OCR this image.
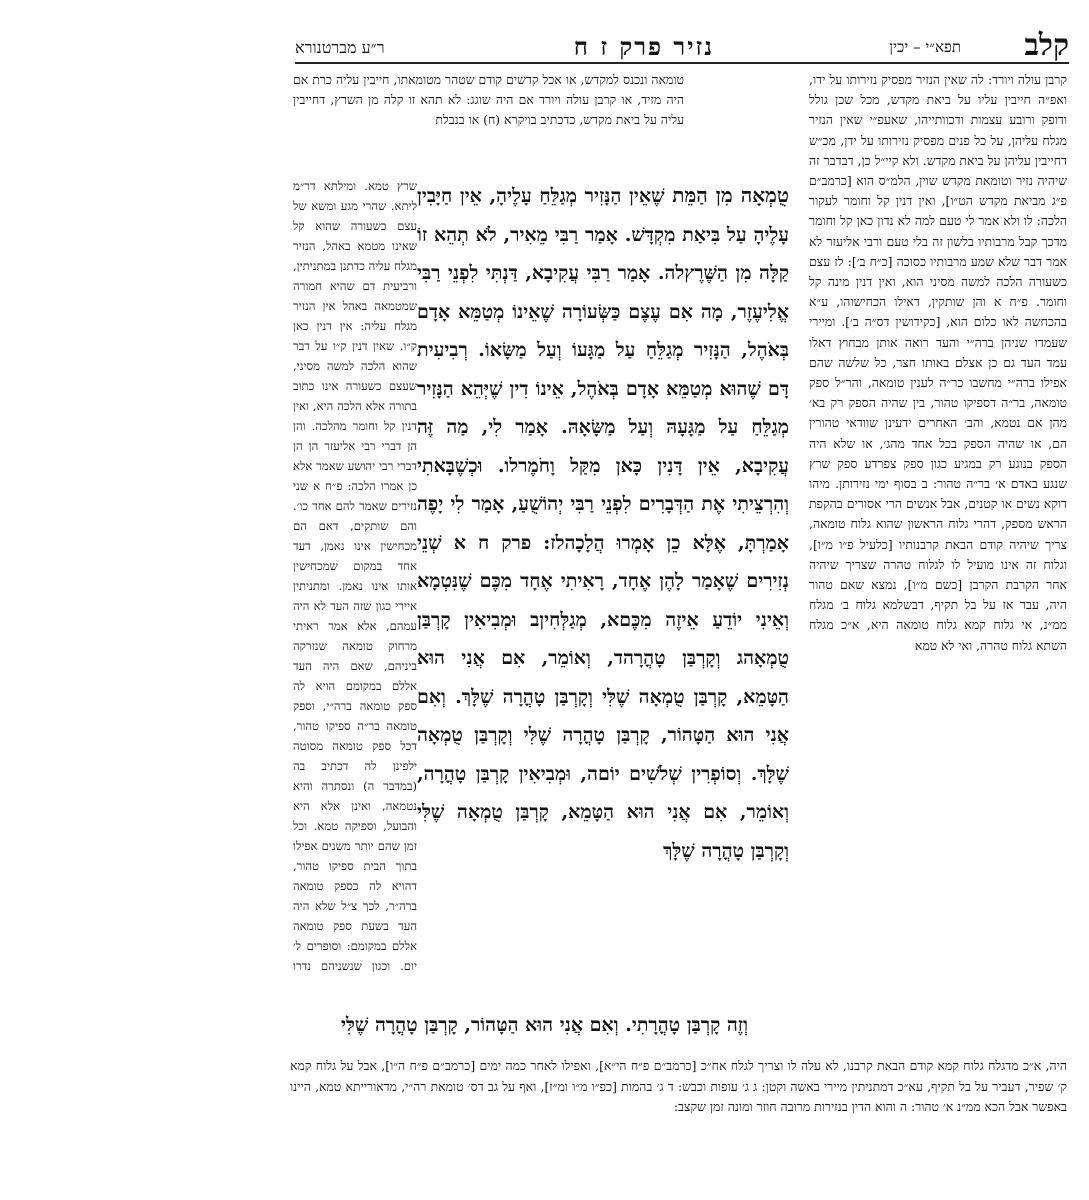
קלב
תפא״י – יכין
נזיר פרק ז ח
ר״ע מברטנורא
קרבן עולה ויורד: לה שאין הנזיר מפסיק נזירותו על ידו, ואפ״ה חייבין עליו על ביאת מקדש, מכל שכן גולל ודופק ורובע עצמות ודכוותייהו, שאעפ״י שאין הנזיר מגלח עליהן, על כל פנים מפסיק נזירותו על ידן, מכ״ש דחייבין עליהן על ביאת מקדש. ולא קיי״ל כן, דבדבר זה שיהיה נזיר וטומאת מקדש שוין, הלמ״ס הוא [כרמב״ם פ״ג מביאת מקדש הט״ו], ואין דנין קל וחומר לעקור הלכה: לו ולא אמר לי טעם למה לא נדון כאן קל וחומר מדכך קבל מרבותיו בלשון זה בלי טעם ורבי אליעזר לא אמר דבר שלא שמע מרבותיו כסוכה [כ״ח ב׳]: לז עצם כשעורה הלכה למשה מסיני הוא, ואין דנין מינה קל וחומר. פ״ח א והן שותקין, דאילו הכחישוהו, ע״א בהכחשה לאו כלום הוא, [כקידושין דס״ה ב׳]. ומיירי שעמדו שניהן ברה״י והעד רואה אותן מבחוץ דאלו עמד העד גם כן אצלם באותו חצר, כל שלשה שהם אפילו ברה״י מחשבו כר״ה לענין טומאה, והר״ל ספק טומאה, בר״ה דספיקו טהור, בין שהיה הספק רק בא׳ מהן אם נטמא, והב׳ האחרים ידעינן שוודאי טהורין הם, או שהיה הספק בכל אחד מהג׳, או שלא היה הספק בנוגע רק במגיע כגון ספק צפרדע ספק שרץ שנגע באדם א׳ בר״ה טהור: ב בסוף ימי נזירותן. מיהו דוקא נשים או קטנים, אבל אנשים הרי אסורים בהקפת הראש מספק, דהרי גלוח הראשון שהוא גלוח טומאה, צריך שיהיה קודם הבאת קרבנותיו [כלעיל פ״ו מ״ו], וגלוח זה אינו מועיל לו לגלוח טהרה שצריך שיהיה אחר הקרבת הקרבן [כשם מ״ו], נמצא שאם טהור היה, עבר אז על בל תקיף, דבשלמא גלוח ב׳ מגלח ממ״נ, אי גלוח קמא גלוח טומאה היא, א״כ מגלח השתא גלוח טהרה, ואי לא טמא
טומאה ונכנס למקדש, או אכל קדשים קודם שטהר מטומאתו, חייבין עליה כרת אם היה מזיד, או קרבן עולה ויורד אם היה שוגג: לא תהא זו קלה מן השרץ, דחייבין עליה על ביאת מקדש, כדכתיב בויקרא (ח) או בנבלת
טֻמְאָה מִן הַמֵּת שֶׁאֵין הַנָּזִיר מְגַלֵּחַ עָלֶיהָ, אֵין חַיָּבִין עָלֶיהָ עַל בִּיאַת מִקְדָּשׁ. אָמַר רַבִּי מֵאִיר, לֹא תְהֵא זוֹ קַלָּה מִן הַשֶּׁרֶץלה. אָמַר רַבִּי עֲקִיבָא, דַּנְתִּי לִפְנֵי רַבִּי אֱלִיעֶזֶר, מָה אִם עֶצֶם כַּשְּׂעוֹרָה שֶׁאֵינוֹ מְטַמֵּא אָדָם בְּאֹהֶל, הַנָּזִיר מְגַלֵּחַ עַל מַגָּעוֹ וְעַל מַשָּׂאוֹ. רְבִיעִית דָּם שֶׁהוּא מְטַמֵּא אָדָם בְּאֹהֶל, אֵינוֹ דִין שֶׁיְּהֵא הַנָּזִיר מְגַלֵּחַ עַל מַגָּעָהּ וְעַל מַשָּׂאָהּ. אָמַר לִי, מַה זֶּה עֲקִיבָא, אֵין דָּנִין כָּאן מִקַּל וָחֹמֶרלו. וּכְשֶׁבָּאתִי וְהִרְצֵיתִי אֶת הַדְּבָרִים לִפְנֵי רַבִּי יְהוֹשֻׁעַ, אָמַר לִי יָפֶה אָמַרְתָּ, אֶלָּא כֵן אָמְרוּ הֲלָכָהלז: פרק ח א שְׁנֵי נְזִירִים שֶׁאָמַר לָהֶן אֶחָד, רָאִיתִי אֶחָד מִכֶּם שֶׁנִּטְמָא וְאֵינִי יוֹדֵעַ אֵיזֶה מִכֶּםא, מְגַלְּחִיןב וּמְבִיאִין קָרְבַּן טֻמְאָהג וְקָרְבַּן טָהֳרָהד, וְאוֹמֵר, אִם אֲנִי הוּא הַטָּמֵא, קָרְבַּן טֻמְאָה שֶׁלִּי וְקָרְבַּן טָהֳרָה שֶׁלָּךְ. וְאִם אֲנִי הוּא הַטָּהוֹר, קָרְבַּן טָהֳרָה שֶׁלִּי וְקָרְבַּן טֻמְאָה שֶׁלָּךְ. וְסוֹפְרִין שְׁלֹשִׁים יוֹםה, וּמְבִיאִין קָרְבַּן טָהֳרָה, וְאוֹמֵר, אִם אֲנִי הוּא הַטָּמֵא, קָרְבַּן טֻמְאָה שֶׁלִּי וְקָרְבַּן טָהֳרָה שֶׁלָּךְ
שרץ טמא. ומילתא דר״מ ליתא. שהרי מגע ומשא של עצם כשעורה שהוא קל שאינו מטמא באהל, הנזיר מגלח עליה כדתנן במתניתין, ורביעית דם שהיא חמורה שמטמאה באהל אין הנזיר מגלח עליה: אין דנין כאן ק״ו. שאין דנין ק״ו על דבר שהוא הלכה למשה מסיני, שעצם כשעורה אינו כתוב בתורה אלא הלכה היא, ואין דנין קל וחומר מהלכה. והן הן דברי רבי אליעזר הן הן דברי רבי יהושע שאמר אלא כן אמרו הלכה: פ״ח א שני נזירים שאמר להם אחד כו׳. והם שותקים, דאם הם מכחישין אינו נאמן, דעד אחד במקום שמכחישין אותו אינו נאמן. ומתניתין איירי כגון שזה העד לא היה עמהם, אלא אמר ראיתי מרחוק טומאה שנזרקה ביניהם, שאם היה העד אללם במקומם הויא לה ספק טומאה ברה״י, וספק טומאה בר״ה ספיקו טהור, דכל ספק טומאה מסוטה ילפינן לה דכתיב בה (במדבר ה) ונסתרה והיא נטמאה, ואינן אלא היא והבועל, וספיקה טמא. וכל זמן שהם יותר משנים אפילו בתוך הבית ספיקו טהור, דהויא לה כספק טומאה ברה״ר, לכך צ״ל שלא היה העד בשעת ספק טומאה אללם במקומם: וסופרים ל׳ יום. וכגון שנשניהם נדרו
וְזֶה קָרְבַּן טָהֳרָתִי. וְאִם אֲנִי הוּא הַטָּהוֹר, קָרְבַּן טָהֳרָה שֶׁלִּי
היה, א״כ מדגלח גלוח קמא קודם הבאת קרבנו, לא עלה לו וצריך לגלח אח״כ [כרמב״ם פ״ח הי״א], ואפילו לאחר כמה ימים [כרמב״ם פ״ח ה״ו], אבל על גלוח קמא ק׳ שפיר, דעביר על בל תקיף, עא״כ דמתניתין מיירי באשה וקטן: ג ג׳ עופות וכבש: ד ג׳ בהמות [כפ״ו מ״ו ומ״ז], ואף על גב דס׳ טומאת רה״י, מדאורייתא טמא, היינו באפשר אבל הכא ממ״נ א׳ טהור: ה והוא הדין בנזירות מרובה חוזר ומונה זמן שקצב:
